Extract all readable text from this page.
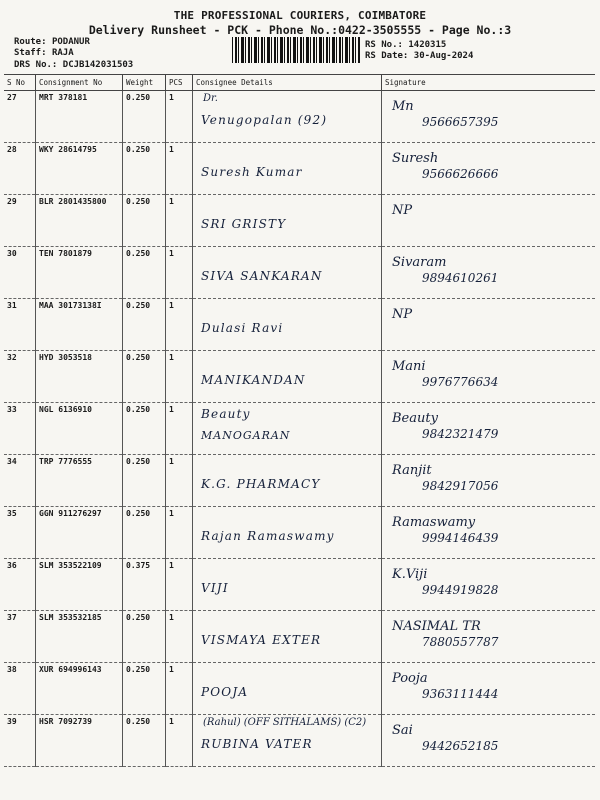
THE PROFESSIONAL COURIERS, COIMBATORE
Delivery Runsheet - PCK - Phone No.:0422-3505555 - Page No.:3
Route: PODANUR
Staff: RAJA
DRS No.: DCJB142031503
RS No.: 1420315
RS Date: 30-Aug-2024
S No	Consignment No	Weight	PCS	Consignee Details	Signature

27	MRT 378181	0.250	1	Dr.
Venugopalan (92)	Mn
9566657395

28	WKY 28614795	0.250	1	Suresh Kumar	Suresh
9566626666

29	BLR 2801435800	0.250	1	SRI GRISTY	NP

30	TEN 7801879	0.250	1	SIVA SANKARAN	Sivaram
9894610261

31	MAA 30173138I	0.250	1	Dulasi Ravi	NP

32	HYD 3053518	0.250	1	MANIKANDAN	Mani
9976776634

33	NGL 6136910	0.250	1	Beauty
MANOGARAN	Beauty
9842321479

34	TRP 7776555	0.250	1	K.G. PHARMACY	Ranjit
9842917056

35	GGN 911276297	0.250	1	Rajan Ramaswamy	Ramaswamy
9994146439

36	SLM 353522109	0.375	1	VIJI	K.Viji
9944919828

37	SLM 353532185	0.250	1	VISMAYA EXTER	NASIMAL TR
7880557787

38	XUR 694996143	0.250	1	POOJA	Pooja
9363111444

39	HSR 7092739	0.250	1	(Rahul) (OFF SITHALAMS) (C2)
RUBINA VATER	Sai
9442652185
